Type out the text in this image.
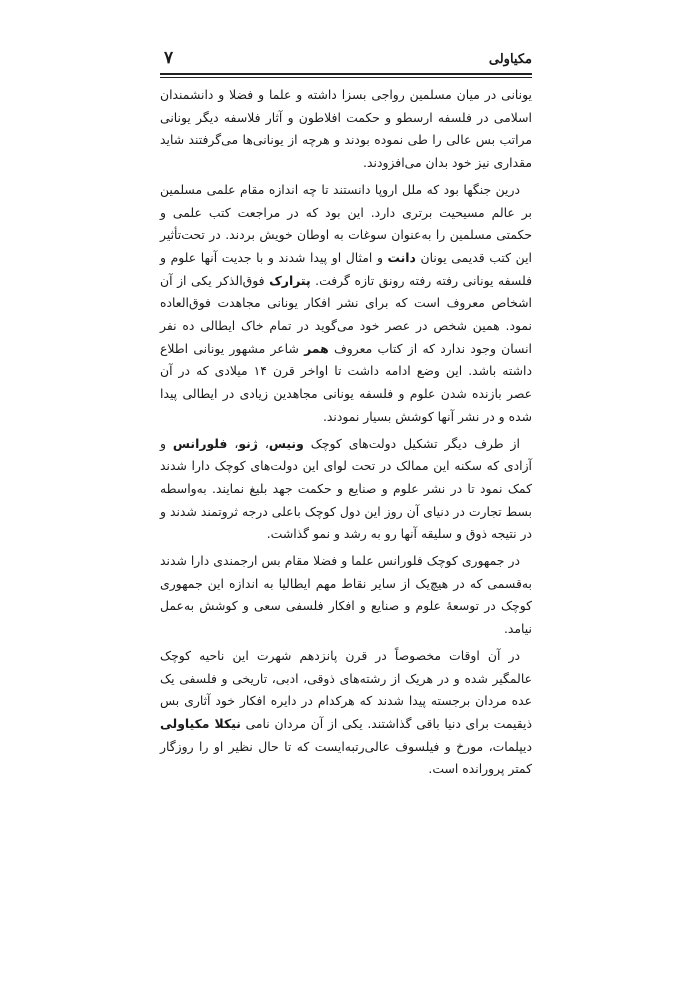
مکیاولی
۷

یونانی در میان مسلمین رواجی بسزا داشته و علما و فضلا و دانشمندان اسلامی در فلسفه ارسطو و حکمت افلاطون و آثار فلاسفه دیگر یونانی مراتب بس عالی را طی نموده بودند و هرچه از یونانی‌ها می‌گرفتند شاید مقداری نیز خود بدان می‌افزودند.

درین جنگها بود که ملل اروپا دانستند تا چه اندازه مقام علمی مسلمین بر عالم مسیحیت برتری دارد. این بود که در مراجعت کتب علمی و حکمتی مسلمین را به‌عنوان سوغات به اوطان خویش بردند. در تحت‌تأثیر این کتب قدیمی یونان دانت و امثال او پیدا شدند و با جدیت آنها علوم و فلسفه یونانی رفته رفته رونق تازه گرفت. پترارک فوق‌الذکر یکی از آن اشخاص معروف است که برای نشر افکار یونانی مجاهدت فوق‌العاده نمود. همین شخص در عصر خود می‌گوید در تمام خاک ایطالی ده نفر انسان وجود ندارد که از کتاب معروف همر شاعر مشهور یونانی اطلاع داشته باشد. این وضع ادامه داشت تا اواخر قرن ۱۴ میلادی که در آن عصر بازنده شدن علوم و فلسفه یونانی مجاهدین زیادی در ایطالی پیدا شده و در نشر آنها کوشش بسیار نمودند.

از طرف دیگر تشکیل دولت‌های کوچک ونیس، ژنو، فلورانس و آزادی که سکنه این ممالک در تحت لوای این دولت‌های کوچک دارا شدند کمک نمود تا در نشر علوم و صنایع و حکمت جهد بلیغ نمایند. به‌واسطه بسط تجارت در دنیای آن روز این دول کوچک باعلی درجه ثروتمند شدند و در نتیجه ذوق و سلیقه آنها رو به رشد و نمو گذاشت.

در جمهوری کوچک فلورانس علما و فضلا مقام بس ارجمندی دارا شدند به‌قسمی که در هیچ‌یک از سایر نقاط مهم ایطالیا به اندازه این جمهوری کوچک در توسعهٔ علوم و صنایع و افکار فلسفی سعی و کوشش به‌عمل نیامد.

در آن اوقات مخصوصاً در قرن پانزدهم شهرت این ناحیه کوچک عالمگیر شده و در هریک از رشته‌های ذوقی، ادبی، تاریخی و فلسفی یک عده مردان برجسته پیدا شدند که هرکدام در دایره افکار خود آثاری بس ذیقیمت برای دنیا باقی گذاشتند. یکی از آن مردان نامی نیکلا مکیاولی دیپلمات، مورخ و فیلسوف عالی‌رتبه‌ایست که تا حال نظیر او را روزگار کمتر پرورانده است.
